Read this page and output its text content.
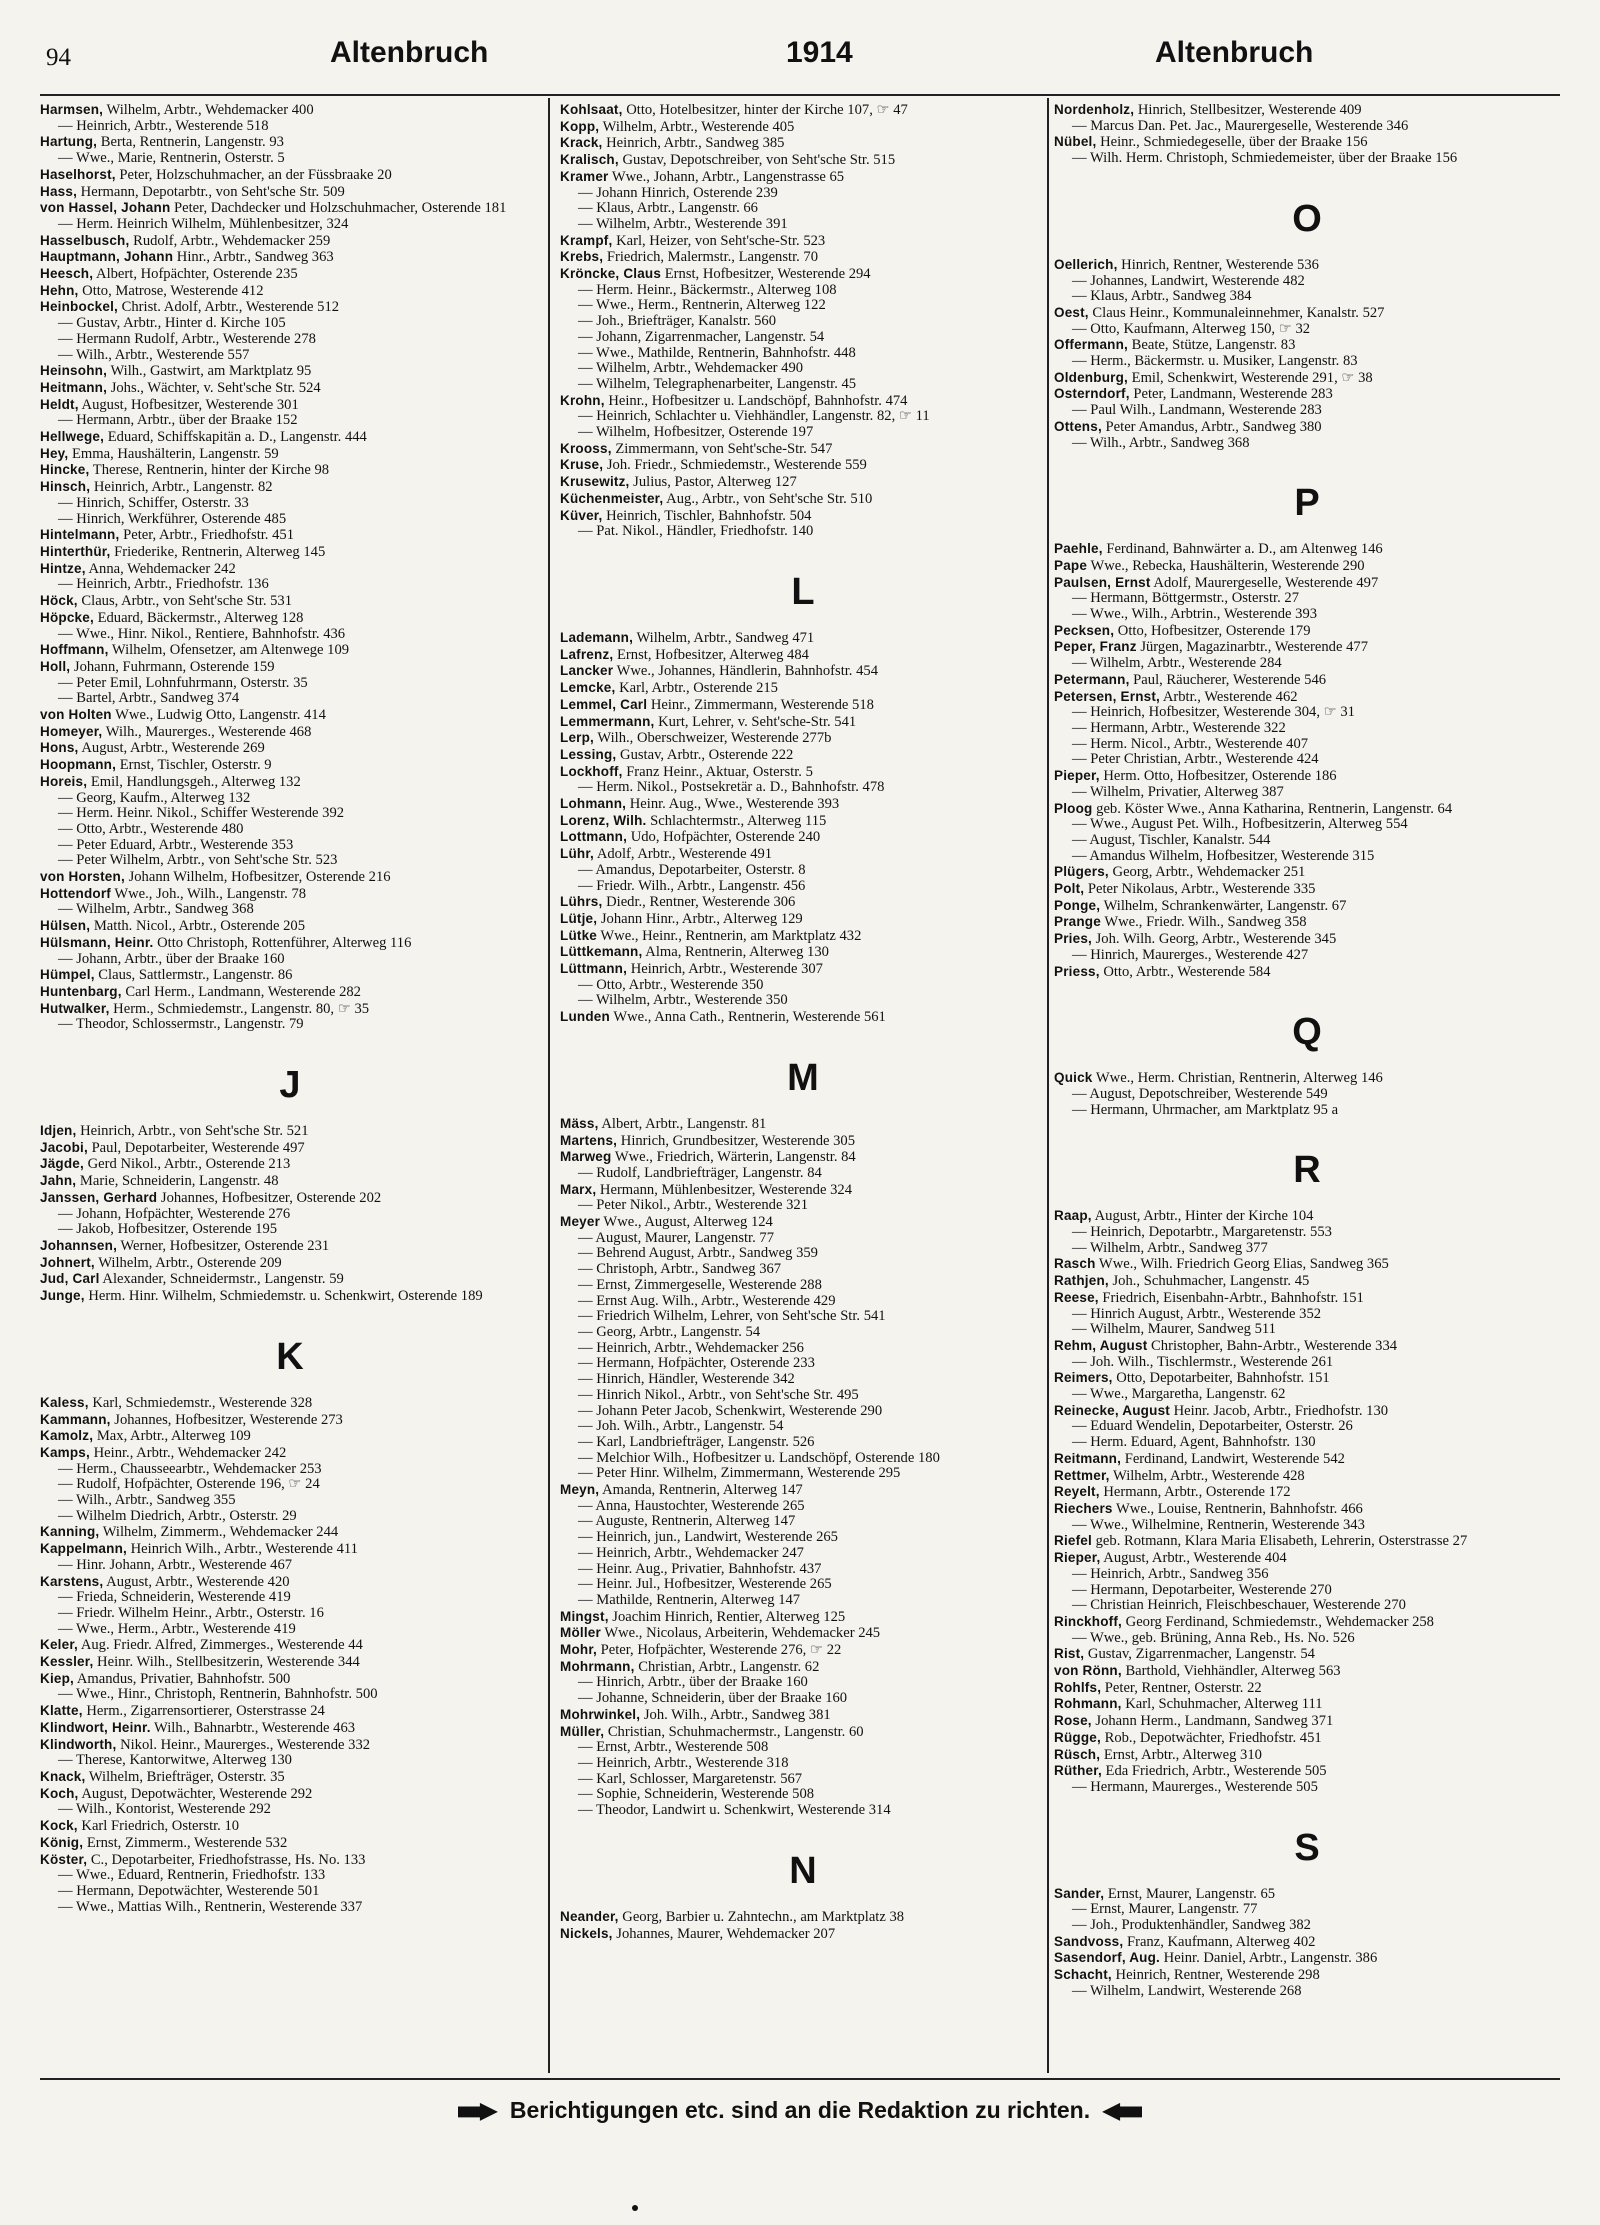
94	Altenbruch	1914	Altenbruch
Harmsen, Wilhelm, Arbtr., Wehdemacker 400
— Heinrich, Arbtr., Westerende 518
Hartung, Berta, Rentnerin, Langenstr. 93
— Wwe., Marie, Rentnerin, Osterstr. 5
Haselhorst, Peter, Holzschuhmacher, an der Füssbraake 20
Hass, Hermann, Depotarbtr., von Seht'sche Str. 509
von Hassel, Johann Peter, Dachdecker und Holzschuhmacher, Osterende 181
— Herm. Heinrich Wilhelm, Mühlenbesitzer, 324
Hasselbusch, Rudolf, Arbtr., Wehdemacker 259
Hauptmann, Johann Hinr., Arbtr., Sandweg 363
Heesch, Albert, Hofpächter, Osterende 235
Hehn, Otto, Matrose, Westerende 412
Heinbockel, Christ. Adolf, Arbtr., Westerende 512
— Gustav, Arbtr., Hinter d. Kirche 105
— Hermann Rudolf, Arbtr., Westerende 278
— Wilh., Arbtr., Westerende 557
Heinsohn, Wilh., Gastwirt, am Marktplatz 95
Heitmann, Johs., Wächter, v. Seht'sche Str. 524
Heldt, August, Hofbesitzer, Westerende 301
— Hermann, Arbtr., über der Braake 152
Hellwege, Eduard, Schiffskapitän a. D., Langenstr. 444
Hey, Emma, Haushälterin, Langenstr. 59
Hincke, Therese, Rentnerin, hinter der Kirche 98
Hinsch, Heinrich, Arbtr., Langenstr. 82
— Hinrich, Schiffer, Osterstr. 33
— Hinrich, Werkführer, Osterende 485
Hintelmann, Peter, Arbtr., Friedhofstr. 451
Hinterthür, Friederike, Rentnerin, Alterweg 145
Hintze, Anna, Wehdemacker 242
— Heinrich, Arbtr., Friedhofstr. 136
Höck, Claus, Arbtr., von Seht'sche Str. 531
Höpcke, Eduard, Bäckermstr., Alterweg 128
— Wwe., Hinr. Nikol., Rentiere, Bahnhofstr. 436
Hoffmann, Wilhelm, Ofensetzer, am Altenwege 109
Holl, Johann, Fuhrmann, Osterende 159
— Peter Emil, Lohnfuhrmann, Osterstr. 35
— Bartel, Arbtr., Sandweg 374
von Holten Wwe., Ludwig Otto, Langenstr. 414
Homeyer, Wilh., Maurerges., Westerende 468
Hons, August, Arbtr., Westerende 269
Hoopmann, Ernst, Tischler, Osterstr. 9
Horeis, Emil, Handlungsgeh., Alterweg 132
— Georg, Kaufm., Alterweg 132
— Herm. Heinr. Nikol., Schiffer Westerende 392
— Otto, Arbtr., Westerende 480
— Peter Eduard, Arbtr., Westerende 353
— Peter Wilhelm, Arbtr., von Seht'sche Str. 523
von Horsten, Johann Wilhelm, Hofbesitzer, Osterende 216
Hottendorf Wwe., Joh., Wilh., Langenstr. 78
— Wilhelm, Arbtr., Sandweg 368
Hülsen, Matth. Nicol., Arbtr., Osterende 205
Hülsmann, Heinr. Otto Christoph, Rottenführer, Alterweg 116
— Johann, Arbtr., über der Braake 160
Hümpel, Claus, Sattlermstr., Langenstr. 86
Huntenbarg, Carl Herm., Landmann, Westerende 282
Hutwalker, Herm., Schmiedemstr., Langenstr. 80, ☞ 35
— Theodor, Schlossermstr., Langenstr. 79
J
Idjen, Heinrich, Arbtr., von Seht'sche Str. 521
Jacobi, Paul, Depotarbeiter, Westerende 497
Jägde, Gerd Nikol., Arbtr., Osterende 213
Jahn, Marie, Schneiderin, Langenstr. 48
Janssen, Gerhard Johannes, Hofbesitzer, Osterende 202
— Johann, Hofpächter, Westerende 276
— Jakob, Hofbesitzer, Osterende 195
Johannsen, Werner, Hofbesitzer, Osterende 231
Johnert, Wilhelm, Arbtr., Osterende 209
Jud, Carl Alexander, Schneidermstr., Langenstr. 59
Junge, Herm. Hinr. Wilhelm, Schmiedemstr. u. Schenkwirt, Osterende 189
K
Kaless, Karl, Schmiedemstr., Westerende 328
Kammann, Johannes, Hofbesitzer, Westerende 273
Kamolz, Max, Arbtr., Alterweg 109
Kamps, Heinr., Arbtr., Wehdemacker 242
— Herm., Chausseearbtr., Wehdemacker 253
— Rudolf, Hofpächter, Osterende 196, ☞ 24
— Wilh., Arbtr., Sandweg 355
— Wilhelm Diedrich, Arbtr., Osterstr. 29
Kanning, Wilhelm, Zimmerm., Wehdemacker 244
Kappelmann, Heinrich Wilh., Arbtr., Westerende 411
— Hinr. Johann, Arbtr., Westerende 467
Karstens, August, Arbtr., Westerende 420
— Frieda, Schneiderin, Westerende 419
— Friedr. Wilhelm Heinr., Arbtr., Osterstr. 16
— Wwe., Herm., Arbtr., Westerende 419
Keler, Aug. Friedr. Alfred, Zimmerges., Westerende 44
Kessler, Heinr. Wilh., Stellbesitzerin, Westerende 344
Kiep, Amandus, Privatier, Bahnhofstr. 500
— Wwe., Hinr., Christoph, Rentnerin, Bahnhofstr. 500
Klatte, Herm., Zigarrensortierer, Osterstrasse 24
Klindwort, Heinr. Wilh., Bahnarbtr., Westerende 463
Klindworth, Nikol. Heinr., Maurerges., Westerende 332
— Therese, Kantorwitwe, Alterweg 130
Knack, Wilhelm, Briefträger, Osterstr. 35
Koch, August, Depotwächter, Westerende 292
— Wilh., Kontorist, Westerende 292
Kock, Karl Friedrich, Osterstr. 10
König, Ernst, Zimmerm., Westerende 532
Köster, C., Depotarbeiter, Friedhofstrasse, Hs. No. 133
— Wwe., Eduard, Rentnerin, Friedhofstr. 133
— Hermann, Depotwächter, Westerende 501
— Wwe., Mattias Wilh., Rentnerin, Westerende 337
Kohlsaat, Otto, Hotelbesitzer, hinter der Kirche 107, ☞ 47
Kopp, Wilhelm, Arbtr., Westerende 405
Krack, Heinrich, Arbtr., Sandweg 385
Kralisch, Gustav, Depotschreiber, von Seht'sche Str. 515
Kramer Wwe., Johann, Arbtr., Langenstrasse 65
— Johann Hinrich, Osterende 239
— Klaus, Arbtr., Langenstr. 66
— Wilhelm, Arbtr., Westerende 391
Krampf, Karl, Heizer, von Seht'sche-Str. 523
Krebs, Friedrich, Malermstr., Langenstr. 70
Kröncke, Claus Ernst, Hofbesitzer, Westerende 294
— Herm. Heinr., Bäckermstr., Alterweg 108
— Wwe., Herm., Rentnerin, Alterweg 122
— Joh., Briefträger, Kanalstr. 560
— Johann, Zigarrenmacher, Langenstr. 54
— Wwe., Mathilde, Rentnerin, Bahnhofstr. 448
— Wilhelm, Arbtr., Wehdemacker 490
— Wilhelm, Telegraphenarbeiter, Langenstr. 45
Krohn, Heinr., Hofbesitzer u. Landschöpf, Bahnhofstr. 474
— Heinrich, Schlachter u. Viehhändler, Langenstr. 82, ☞ 11
— Wilhelm, Hofbesitzer, Osterende 197
Krooss, Zimmermann, von Seht'sche-Str. 547
Kruse, Joh. Friedr., Schmiedemstr., Westerende 559
Krusewitz, Julius, Pastor, Alterweg 127
Küchenmeister, Aug., Arbtr., von Seht'sche Str. 510
Küver, Heinrich, Tischler, Bahnhofstr. 504
— Pat. Nikol., Händler, Friedhofstr. 140
L
Lademann, Wilhelm, Arbtr., Sandweg 471
Lafrenz, Ernst, Hofbesitzer, Alterweg 484
Lancker Wwe., Johannes, Händlerin, Bahnhofstr. 454
Lemcke, Karl, Arbtr., Osterende 215
Lemmel, Carl Heinr., Zimmermann, Westerende 518
Lemmermann, Kurt, Lehrer, v. Seht'sche-Str. 541
Lerp, Wilh., Oberschweizer, Westerende 277b
Lessing, Gustav, Arbtr., Osterende 222
Lockhoff, Franz Heinr., Aktuar, Osterstr. 5
— Herm. Nikol., Postsekretär a. D., Bahnhofstr. 478
Lohmann, Heinr. Aug., Wwe., Westerende 393
Lorenz, Wilh. Schlachtermstr., Alterweg 115
Lottmann, Udo, Hofpächter, Osterende 240
Lühr, Adolf, Arbtr., Westerende 491
— Amandus, Depotarbeiter, Osterstr. 8
— Friedr. Wilh., Arbtr., Langenstr. 456
Lührs, Diedr., Rentner, Westerende 306
Lütje, Johann Hinr., Arbtr., Alterweg 129
Lütke Wwe., Heinr., Rentnerin, am Marktplatz 432
Lüttkemann, Alma, Rentnerin, Alterweg 130
Lüttmann, Heinrich, Arbtr., Westerende 307
— Otto, Arbtr., Westerende 350
— Wilhelm, Arbtr., Westerende 350
Lunden Wwe., Anna Cath., Rentnerin, Westerende 561
M
Mäss, Albert, Arbtr., Langenstr. 81
Martens, Hinrich, Grundbesitzer, Westerende 305
Marweg Wwe., Friedrich, Wärterin, Langenstr. 84
— Rudolf, Landbriefträger, Langenstr. 84
Marx, Hermann, Mühlenbesitzer, Westerende 324
— Peter Nikol., Arbtr., Westerende 321
Meyer Wwe., August, Alterweg 124
— August, Maurer, Langenstr. 77
— Behrend August, Arbtr., Sandweg 359
— Christoph, Arbtr., Sandweg 367
— Ernst, Zimmergeselle, Westerende 288
— Ernst Aug. Wilh., Arbtr., Westerende 429
— Friedrich Wilhelm, Lehrer, von Seht'sche Str. 541
— Georg, Arbtr., Langenstr. 54
— Heinrich, Arbtr., Wehdemacker 256
— Hermann, Hofpächter, Osterende 233
— Hinrich, Händler, Westerende 342
— Hinrich Nikol., Arbtr., von Seht'sche Str. 495
— Johann Peter Jacob, Schenkwirt, Westerende 290
— Joh. Wilh., Arbtr., Langenstr. 54
— Karl, Landbriefträger, Langenstr. 526
— Melchior Wilh., Hofbesitzer u. Landschöpf, Osterende 180
— Peter Hinr. Wilhelm, Zimmermann, Westerende 295
Meyn, Amanda, Rentnerin, Alterweg 147
— Anna, Haustochter, Westerende 265
— Auguste, Rentnerin, Alterweg 147
— Heinrich, jun., Landwirt, Westerende 265
— Heinrich, Arbtr., Wehdemacker 247
— Heinr. Aug., Privatier, Bahnhofstr. 437
— Heinr. Jul., Hofbesitzer, Westerende 265
— Mathilde, Rentnerin, Alterweg 147
Mingst, Joachim Hinrich, Rentier, Alterweg 125
Möller Wwe., Nicolaus, Arbeiterin, Wehdemacker 245
Mohr, Peter, Hofpächter, Westerende 276, ☞ 22
Mohrmann, Christian, Arbtr., Langenstr. 62
— Hinrich, Arbtr., über der Braake 160
— Johanne, Schneiderin, über der Braake 160
Mohrwinkel, Joh. Wilh., Arbtr., Sandweg 381
Müller, Christian, Schuhmachermstr., Langenstr. 60
— Ernst, Arbtr., Westerende 508
— Heinrich, Arbtr., Westerende 318
— Karl, Schlosser, Margaretenstr. 567
— Sophie, Schneiderin, Westerende 508
— Theodor, Landwirt u. Schenkwirt, Westerende 314
N
Neander, Georg, Barbier u. Zahntechn., am Marktplatz 38
Nickels, Johannes, Maurer, Wehdemacker 207
Nordenholz, Hinrich, Stellbesitzer, Westerende 409
— Marcus Dan. Pet. Jac., Maurergeselle, Westerende 346
Nübel, Heinr., Schmiedegeselle, über der Braake 156
— Wilh. Herm. Christoph, Schmiedemeister, über der Braake 156
O
Oellerich, Hinrich, Rentner, Westerende 536
— Johannes, Landwirt, Westerende 482
— Klaus, Arbtr., Sandweg 384
Oest, Claus Heinr., Kommunaleinnehmer, Kanalstr. 527
— Otto, Kaufmann, Alterweg 150, ☞ 32
Offermann, Beate, Stütze, Langenstr. 83
— Herm., Bäckermstr. u. Musiker, Langenstr. 83
Oldenburg, Emil, Schenkwirt, Westerende 291, ☞ 38
Osterndorf, Peter, Landmann, Westerende 283
— Paul Wilh., Landmann, Westerende 283
Ottens, Peter Amandus, Arbtr., Sandweg 380
— Wilh., Arbtr., Sandweg 368
P
Paehle, Ferdinand, Bahnwärter a. D., am Altenweg 146
Pape Wwe., Rebecka, Haushälterin, Westerende 290
Paulsen, Ernst Adolf, Maurergeselle, Westerende 497
— Hermann, Böttgermstr., Osterstr. 27
— Wwe., Wilh., Arbtrin., Westerende 393
Pecksen, Otto, Hofbesitzer, Osterende 179
Peper, Franz Jürgen, Magazinarbtr., Westerende 477
— Wilhelm, Arbtr., Westerende 284
Petermann, Paul, Räucherer, Westerende 546
Petersen, Ernst, Arbtr., Westerende 462
— Heinrich, Hofbesitzer, Westerende 304, ☞ 31
— Hermann, Arbtr., Westerende 322
— Herm. Nicol., Arbtr., Westerende 407
— Peter Christian, Arbtr., Westerende 424
Pieper, Herm. Otto, Hofbesitzer, Osterende 186
— Wilhelm, Privatier, Alterweg 387
Ploog geb. Köster Wwe., Anna Katharina, Rentnerin, Langenstr. 64
— Wwe., August Pet. Wilh., Hofbesitzerin, Alterweg 554
— August, Tischler, Kanalstr. 544
— Amandus Wilhelm, Hofbesitzer, Westerende 315
Plügers, Georg, Arbtr., Wehdemacker 251
Polt, Peter Nikolaus, Arbtr., Westerende 335
Ponge, Wilhelm, Schrankenwärter, Langenstr. 67
Prange Wwe., Friedr. Wilh., Sandweg 358
Pries, Joh. Wilh. Georg, Arbtr., Westerende 345
— Hinrich, Maurerges., Westerende 427
Priess, Otto, Arbtr., Westerende 584
Q
Quick Wwe., Herm. Christian, Rentnerin, Alterweg 146
— August, Depotschreiber, Westerende 549
— Hermann, Uhrmacher, am Marktplatz 95 a
R
Raap, August, Arbtr., Hinter der Kirche 104
— Heinrich, Depotarbtr., Margaretenstr. 553
— Wilhelm, Arbtr., Sandweg 377
Rasch Wwe., Wilh. Friedrich Georg Elias, Sandweg 365
Rathjen, Joh., Schuhmacher, Langenstr. 45
Reese, Friedrich, Eisenbahn-Arbtr., Bahnhofstr. 151
— Hinrich August, Arbtr., Westerende 352
— Wilhelm, Maurer, Sandweg 511
Rehm, August Christopher, Bahn-Arbtr., Westerende 334
— Joh. Wilh., Tischlermstr., Westerende 261
Reimers, Otto, Depotarbeiter, Bahnhofstr. 151
— Wwe., Margaretha, Langenstr. 62
Reinecke, August Heinr. Jacob, Arbtr., Friedhofstr. 130
— Eduard Wendelin, Depotarbeiter, Osterstr. 26
— Herm. Eduard, Agent, Bahnhofstr. 130
Reitmann, Ferdinand, Landwirt, Westerende 542
Rettmer, Wilhelm, Arbtr., Westerende 428
Reyelt, Hermann, Arbtr., Osterende 172
Riechers Wwe., Louise, Rentnerin, Bahnhofstr. 466
— Wwe., Wilhelmine, Rentnerin, Westerende 343
Riefel geb. Rotmann, Klara Maria Elisabeth, Lehrerin, Osterstrasse 27
Rieper, August, Arbtr., Westerende 404
— Heinrich, Arbtr., Sandweg 356
— Hermann, Depotarbeiter, Westerende 270
— Christian Heinrich, Fleischbeschauer, Westerende 270
Rinckhoff, Georg Ferdinand, Schmiedemstr., Wehdemacker 258
— Wwe., geb. Brüning, Anna Reb., Hs. No. 526
Rist, Gustav, Zigarrenmacher, Langenstr. 54
von Rönn, Barthold, Viehhändler, Alterweg 563
Rohlfs, Peter, Rentner, Osterstr. 22
Rohmann, Karl, Schuhmacher, Alterweg 111
Rose, Johann Herm., Landmann, Sandweg 371
Rügge, Rob., Depotwächter, Friedhofstr. 451
Rüsch, Ernst, Arbtr., Alterweg 310
Rüther, Eda Friedrich, Arbtr., Westerende 505
— Hermann, Maurerges., Westerende 505
S
Sander, Ernst, Maurer, Langenstr. 65
— Ernst, Maurer, Langenstr. 77
— Joh., Produktenhändler, Sandweg 382
Sandvoss, Franz, Kaufmann, Alterweg 402
Sasendorf, Aug. Heinr. Daniel, Arbtr., Langenstr. 386
Schacht, Heinrich, Rentner, Westerende 298
— Wilhelm, Landwirt, Westerende 268
Berichtigungen etc. sind an die Redaktion zu richten.
